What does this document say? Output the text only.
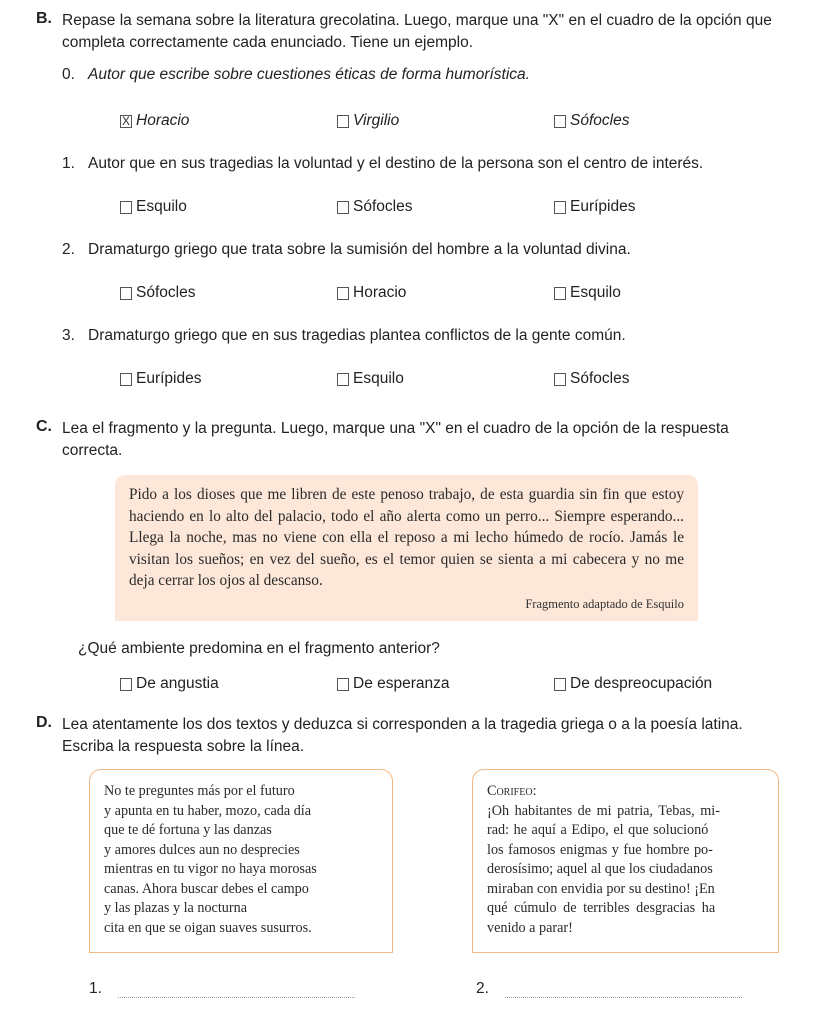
B. Repase la semana sobre la literatura grecolatina. Luego, marque una "X" en el cuadro de la opción que completa correctamente cada enunciado. Tiene un ejemplo.
0. Autor que escribe sobre cuestiones éticas de forma humorística.
X
Horacio	Virgilio	Sófocles
1. Autor que en sus tragedias la voluntad y el destino de la persona son el centro de interés.
Esquilo	Sófocles	Eurípides
2. Dramaturgo griego que trata sobre la sumisión del hombre a la voluntad divina.
Sófocles	Horacio	Esquilo
3. Dramaturgo griego que en sus tragedias plantea conflictos de la gente común.
Eurípides	Esquilo	Sófocles
C. Lea el fragmento y la pregunta. Luego, marque una "X" en el cuadro de la opción de la respuesta correcta.

Pido a los dioses que me libren de este penoso trabajo, de esta guardia sin fin que estoy haciendo en lo alto del palacio, todo el año alerta como un perro... Siempre esperando... Llega la noche, mas no viene con ella el reposo a mi lecho húmedo de rocío. Jamás le visitan los sueños; en vez del sueño, es el temor quien se sienta a mi cabecera y no me deja cerrar los ojos al descanso.

Fragmento adaptado de Esquilo
¿Qué ambiente predomina en el fragmento anterior?
De angustia	De esperanza	De despreocupación
D. Lea atentamente los dos textos y deduzca si corresponden a la tragedia griega o a la poesía latina. Escriba la respuesta sobre la línea.
No te preguntes más por el futuro
y apunta en tu haber, mozo, cada día
que te dé fortuna y las danzas
y amores dulces aun no desprecies
mientras en tu vigor no haya morosas
canas. Ahora buscar debes el campo
y las plazas y la nocturna
cita en que se oigan suaves susurros.
Corifeo:
¡Oh habitantes de mi patria, Tebas, mi-
rad: he aquí a Edipo, el que solucionó
los famosos enigmas y fue hombre po-
derosísimo; aquel al que los ciudadanos
miraban con envidia por su destino! ¡En
qué cúmulo de terribles desgracias ha
venido a parar!
1.	2.
